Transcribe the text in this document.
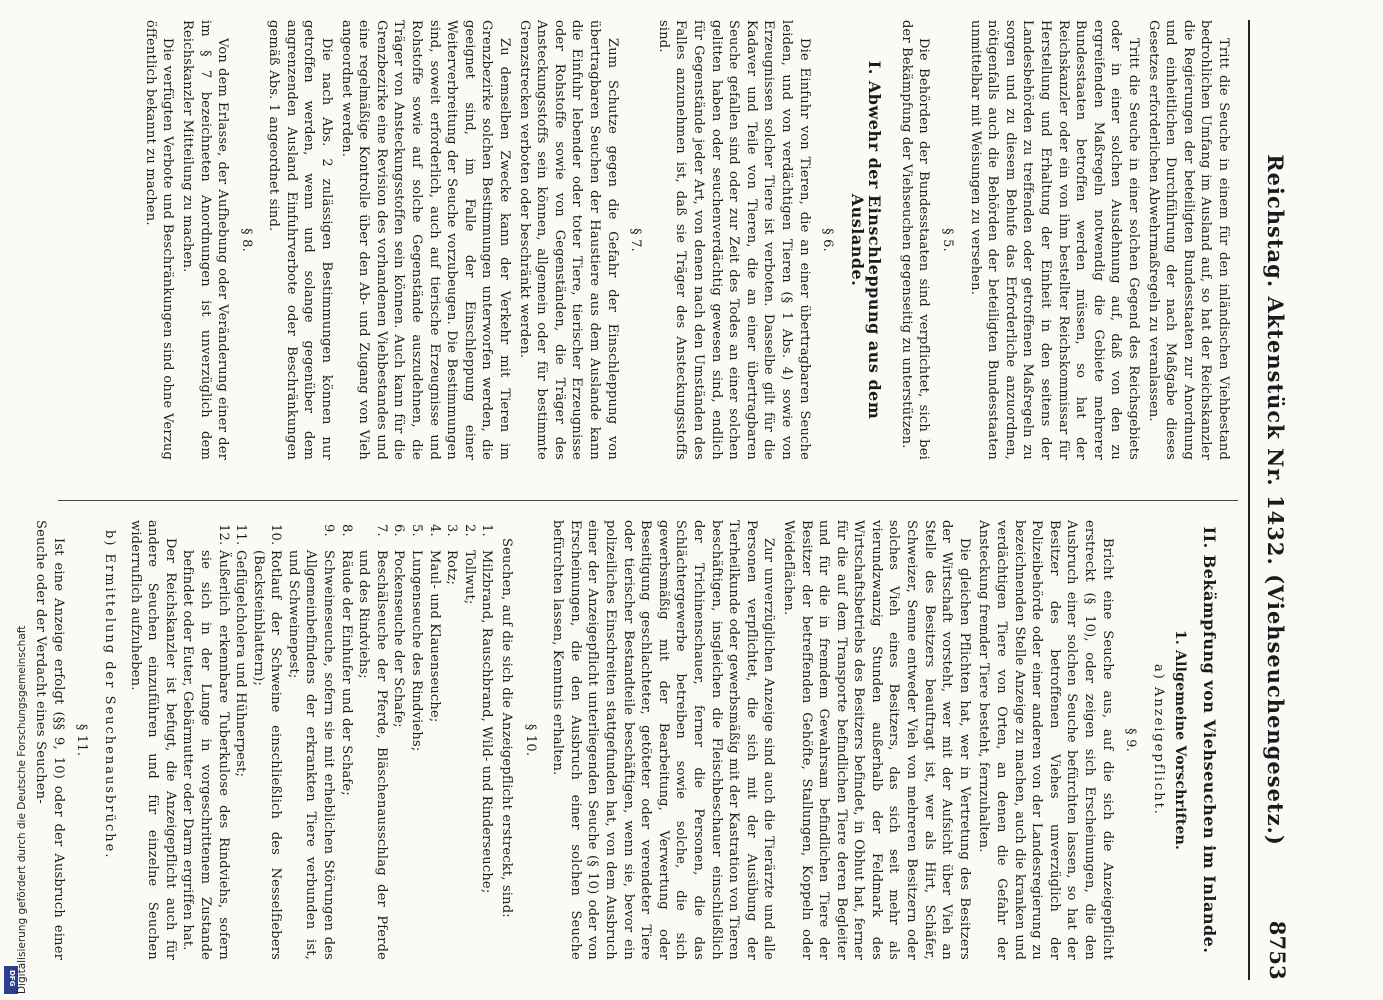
Reichstag. Aktenstück Nr. 1432. (Viehseuchengesetz.)
8753

Tritt die Seuche in einem für den inländischen Viehbestand bedrohlichen Umfang im Ausland auf, so hat der Reichskanzler die Regierungen der beteiligten Bundesstaaten zur Anordnung und einheitlichen Durchführung der nach Maßgabe dieses Gesetzes erforderlichen Abwehrmaßregeln zu veranlassen.

Tritt die Seuche in einer solchen Gegend des Reichsgebiets oder in einer solchen Ausdehnung auf, daß von den zu ergreifenden Maßregeln notwendig die Gebiete mehrerer Bundesstaaten betroffen werden müssen, so hat der Reichskanzler oder ein von ihm bestellter Reichskommissar für Herstellung und Erhaltung der Einheit in den seitens der Landesbehörden zu treffenden oder getroffenen Maßregeln zu sorgen und zu diesem Behufe das Erforderliche anzuordnen, nötigenfalls auch die Behörden der beteiligten Bundesstaaten unmittelbar mit Weisungen zu versehen.

§ 5.

Die Behörden der Bundesstaaten sind verpflichtet, sich bei der Bekämpfung der Viehseuchen gegenseitig zu unterstützen.

I. Abwehr der Einschleppung aus dem Auslande.
§ 6.

Die Einfuhr von Tieren, die an einer übertragbaren Seuche leiden, und von verdächtigen Tieren (§ 1 Abs. 4) sowie von Erzeugnissen solcher Tiere ist verboten. Dasselbe gilt für die Kadaver und Teile von Tieren, die an einer übertragbaren Seuche gefallen sind oder zur Zeit des Todes an einer solchen gelitten haben oder seuchenverdächtig gewesen sind, endlich für Gegenstände jeder Art, von denen nach den Umständen des Falles anzunehmen ist, daß sie Träger des Ansteckungsstoffs sind.

§ 7.

Zum Schutze gegen die Gefahr der Einschleppung von übertragbaren Seuchen der Haustiere aus dem Auslande kann die Einfuhr lebender oder toter Tiere, tierischer Erzeugnisse oder Rohstoffe sowie von Gegenständen, die Träger des Ansteckungsstoffs sein können, allgemein oder für bestimmte Grenzstrecken verboten oder beschränkt werden.

Zu demselben Zwecke kann der Verkehr mit Tieren im Grenzbezirke solchen Bestimmungen unterworfen werden, die geeignet sind, im Falle der Einschleppung einer Weiterverbreitung der Seuche vorzubeugen. Die Bestimmungen sind, soweit erforderlich, auch auf tierische Erzeugnisse und Rohstoffe sowie auf solche Gegenstände auszudehnen, die Träger von Ansteckungsstoffen sein können. Auch kann für die Grenzbezirke eine Revision des vorhandenen Viehbestandes und eine regelmäßige Kontrolle über den Ab- und Zugang von Vieh angeordnet werden.

Die nach Abs. 2 zulässigen Bestimmungen können nur getroffen werden, wenn und solange gegenüber dem angrenzenden Ausland Einfuhrverbote oder Beschränkungen gemäß Abs. 1 angeordnet sind.

§ 8.

Von dem Erlasse, der Aufhebung oder Veränderung einer der im § 7 bezeichneten Anordnungen ist unverzüglich dem Reichskanzler Mitteilung zu machen.

Die verfügten Verbote und Beschränkungen sind ohne Verzug öffentlich bekannt zu machen.

II. Bekämpfung von Viehseuchen im Inlande.
1. Allgemeine Vorschriften.
a) Anzeigepflicht.
§ 9.

Bricht eine Seuche aus, auf die sich die Anzeigepflicht erstreckt (§ 10), oder zeigen sich Erscheinungen, die den Ausbruch einer solchen Seuche befürchten lassen, so hat der Besitzer des betroffenen Viehes unverzüglich der Polizeibehörde oder einer anderen von der Landesregierung zu bezeichnenden Stelle Anzeige zu machen, auch die kranken und verdächtigen Tiere von Orten, an denen die Gefahr der Ansteckung fremder Tiere besteht, fernzuhalten.

Die gleichen Pflichten hat, wer in Vertretung des Besitzers der Wirtschaft vorsteht, wer mit der Aufsicht über Vieh an Stelle des Besitzers beauftragt ist, wer als Hirt, Schäfer, Schweizer, Senne entweder Vieh von mehreren Besitzern oder solches Vieh eines Besitzers, das sich seit mehr als vierundzwanzig Stunden außerhalb der Feldmark des Wirtschaftsbetriebs des Besitzers befindet, in Obhut hat, ferner für die auf dem Transporte befindlichen Tiere deren Begleiter und für die in fremdem Gewahrsam befindlichen Tiere der Besitzer der betreffenden Gehöfte, Stallungen, Koppeln oder Weideflächen.

Zur unverzüglichen Anzeige sind auch die Tierärzte und alle Personen verpflichtet, die sich mit der Ausübung der Tierheilkunde oder gewerbsmäßig mit der Kastration von Tieren beschäftigen, insgleichen die Fleischbeschauer einschließlich der Trichinenschauer, ferner die Personen, die das Schlächtergewerbe betreiben sowie solche, die sich gewerbsmäßig mit der Bearbeitung, Verwertung oder Beseitigung geschlachteter, getöteter oder verendeter Tiere oder tierischer Bestandteile beschäftigen, wenn sie, bevor ein polizeiliches Einschreiten stattgefunden hat, von dem Ausbruch einer der Anzeigepflicht unterliegenden Seuche (§ 10) oder von Erscheinungen, die den Ausbruch einer solchen Seuche befürchten lassen, Kenntnis erhalten.

§ 10.

Seuchen, auf die sich die Anzeigepflicht erstreckt, sind:

1.
Milzbrand, Rauschbrand, Wild- und Rinderseuche;
2.
Tollwut;
3.
Rotz;
4.
Maul- und Klauenseuche;
5.
Lungenseuche des Rindviehs;
6.
Pockenseuche der Schafe;
7.
Beschälseuche der Pferde, Bläschenausschlag der Pferde und des Rindviehs;
8.
Räude der Einhufer und der Schafe;
9.
Schweineseuche, sofern sie mit erheblichen Störungen des Allgemeinbefindens der erkrankten Tiere verbunden ist, und Schweinepest;
10.
Rotlauf der Schweine einschließlich des Nesselfiebers (Backsteinblattern);
11.
Geflügelcholera und Hühnerpest;
12.
Äußerlich erkennbare Tuberkulose des Rindviehs, sofern sie sich in der Lunge in vorgeschrittenem Zustande befindet oder Euter, Gebärmutter oder Darm ergriffen hat.

Der Reichskanzler ist befugt, die Anzeigepflicht auch für andere Seuchen einzuführen und für einzelne Seuchen widerruflich aufzuheben.

b) Ermittelung der Seuchenausbrüche.
§ 11.

Ist eine Anzeige erfolgt (§§ 9, 10) oder der Ausbruch einer Seuche oder der Verdacht eines Seuchen-

DFG Digitalisierung gefördert durch die Deutsche Forschungsgemeinschaft
